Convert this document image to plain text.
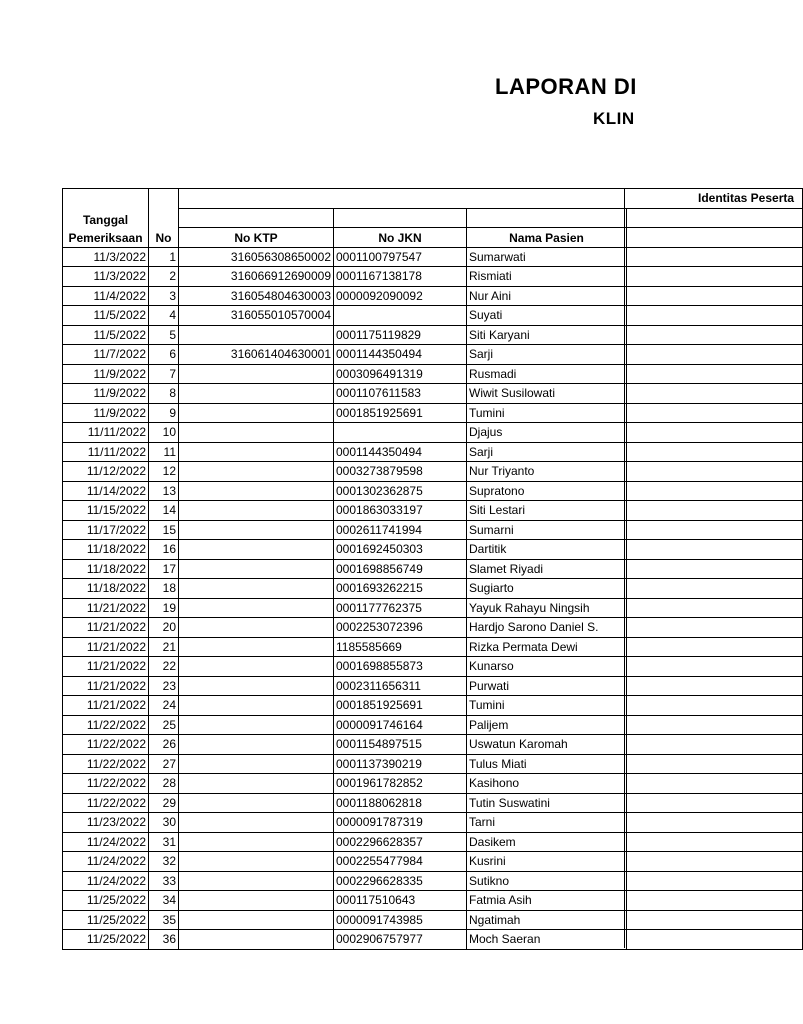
LAPORAN DI
KLIN
Tanggal
Pemeriksaan	No	Identitas Peserta			

		No KTP	No JKN	Nama Pasien	
11/3/2022	1	316056308650002	0001100797547	Sumarwati	
11/3/2022	2	316066912690009	0001167138178	Rismiati	
11/4/2022	3	316054804630003	0000092090092	Nur Aini	
11/5/2022	4	316055010570004		Suyati	
11/5/2022	5		0001175119829	Siti Karyani	
11/7/2022	6	316061404630001	0001144350494	Sarji	
11/9/2022	7		0003096491319	Rusmadi	
11/9/2022	8		0001107611583	Wiwit Susilowati	
11/9/2022	9		0001851925691	Tumini	
11/11/2022	10			Djajus	
11/11/2022	11		0001144350494	Sarji	
11/12/2022	12		0003273879598	Nur Triyanto	
11/14/2022	13		0001302362875	Supratono	
11/15/2022	14		0001863033197	Siti Lestari	
11/17/2022	15		0002611741994	Sumarni	
11/18/2022	16		0001692450303	Dartitik	
11/18/2022	17		0001698856749	Slamet Riyadi	
11/18/2022	18		0001693262215	Sugiarto	
11/21/2022	19		0001177762375	Yayuk Rahayu Ningsih	
11/21/2022	20		0002253072396	Hardjo Sarono Daniel S.	
11/21/2022	21		1185585669	Rizka Permata Dewi	
11/21/2022	22		0001698855873	Kunarso	
11/21/2022	23		0002311656311	Purwati	
11/21/2022	24		0001851925691	Tumini	
11/22/2022	25		0000091746164	Palijem	
11/22/2022	26		0001154897515	Uswatun Karomah	
11/22/2022	27		0001137390219	Tulus Miati	
11/22/2022	28		0001961782852	Kasihono	
11/22/2022	29		0001188062818	Tutin Suswatini	
11/23/2022	30		0000091787319	Tarni	
11/24/2022	31		0002296628357	Dasikem	
11/24/2022	32		0002255477984	Kusrini	
11/24/2022	33		0002296628335	Sutikno	
11/25/2022	34		000117510643	Fatmia Asih	
11/25/2022	35		0000091743985	Ngatimah	
11/25/2022	36		0002906757977	Moch Saeran	
